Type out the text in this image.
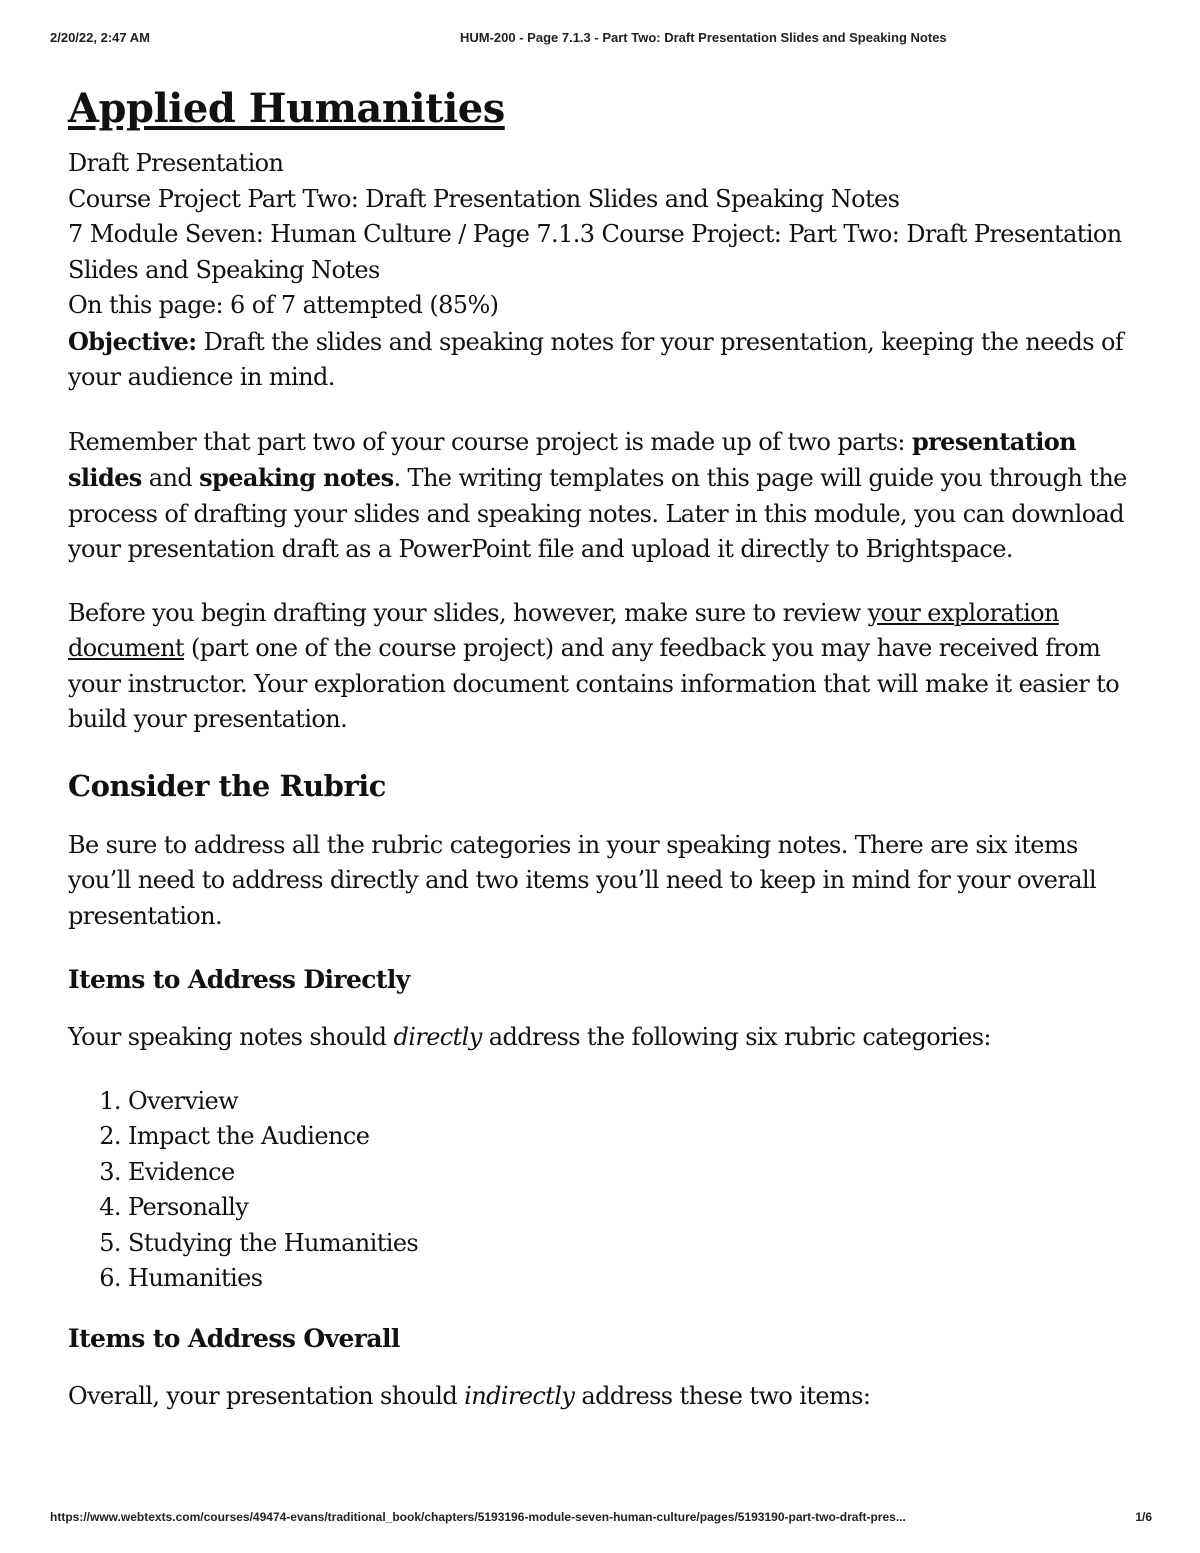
2/20/22, 2:47 AM	HUM-200 - Page 7.1.3 - Part Two: Draft Presentation Slides and Speaking Notes
Applied Humanities

Draft Presentation

Course Project Part Two: Draft Presentation Slides and Speaking Notes

7 Module Seven: Human Culture / Page 7.1.3 Course Project: Part Two: Draft Presentation Slides and Speaking Notes

On this page: 6 of 7 attempted (85%)

Objective: Draft the slides and speaking notes for your presentation, keeping the needs of your audience in mind.

Remember that part two of your course project is made up of two parts: presentation slides and speaking notes. The writing templates on this page will guide you through the process of drafting your slides and speaking notes. Later in this module, you can download your presentation draft as a PowerPoint file and upload it directly to Brightspace.

Before you begin drafting your slides, however, make sure to review your exploration document (part one of the course project) and any feedback you may have received from your instructor. Your exploration document contains information that will make it easier to build your presentation.

Consider the Rubric

Be sure to address all the rubric categories in your speaking notes. There are six items you’ll need to address directly and two items you’ll need to keep in mind for your overall presentation.

Items to Address Directly

Your speaking notes should directly address the following six rubric categories:

1. Overview
2. Impact the Audience
3. Evidence
4. Personally
5. Studying the Humanities
6. Humanities
Items to Address Overall

Overall, your presentation should indirectly address these two items:

https://www.webtexts.com/courses/49474-evans/traditional_book/chapters/5193196-module-seven-human-culture/pages/5193190-part-two-draft-pres...	1/6
